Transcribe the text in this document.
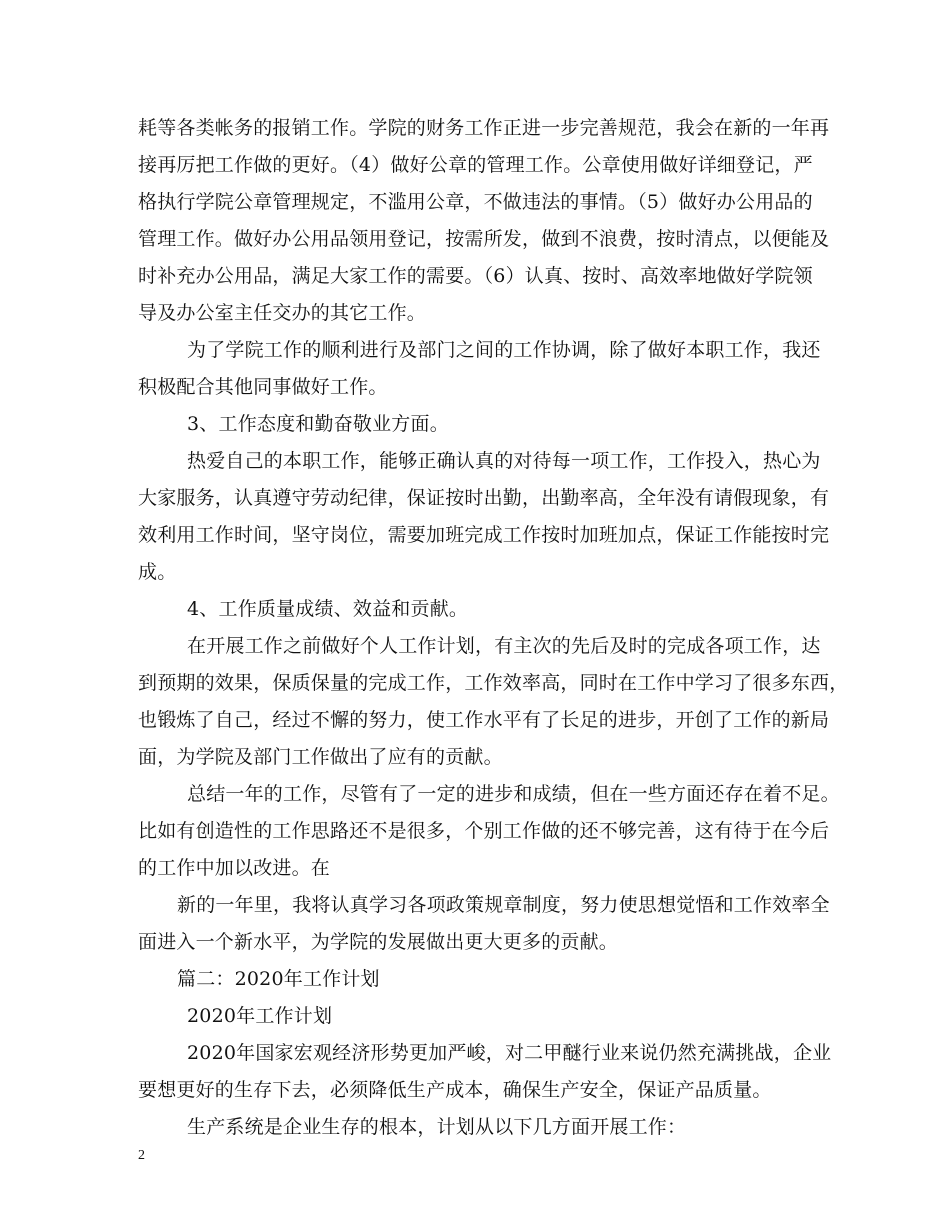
耗等各类帐务的报销工作。学院的财务工作正进一步完善规范，我会在新的一年再
接再厉把工作做的更好。（4）做好公章的管理工作。公章使用做好详细登记，严
格执行学院公章管理规定，不滥用公章，不做违法的事情。（5）做好办公用品的
管理工作。做好办公用品领用登记，按需所发，做到不浪费，按时清点，以便能及
时补充办公用品，满足大家工作的需要。（6）认真、按时、高效率地做好学院领
导及办公室主任交办的其它工作。
为了学院工作的顺利进行及部门之间的工作协调，除了做好本职工作，我还
积极配合其他同事做好工作。
3、工作态度和勤奋敬业方面。
热爱自己的本职工作，能够正确认真的对待每一项工作，工作投入，热心为
大家服务，认真遵守劳动纪律，保证按时出勤，出勤率高，全年没有请假现象，有
效利用工作时间，坚守岗位，需要加班完成工作按时加班加点，保证工作能按时完
成。
4、工作质量成绩、效益和贡献。
在开展工作之前做好个人工作计划，有主次的先后及时的完成各项工作，达
到预期的效果，保质保量的完成工作，工作效率高，同时在工作中学习了很多东西，
也锻炼了自己，经过不懈的努力，使工作水平有了长足的进步，开创了工作的新局
面，为学院及部门工作做出了应有的贡献。
总结一年的工作，尽管有了一定的进步和成绩，但在一些方面还存在着不足。
比如有创造性的工作思路还不是很多，个别工作做的还不够完善，这有待于在今后
的工作中加以改进。在
新的一年里，我将认真学习各项政策规章制度，努力使思想觉悟和工作效率全
面进入一个新水平，为学院的发展做出更大更多的贡献。
篇二：2020年工作计划
2020年工作计划
2020年国家宏观经济形势更加严峻，对二甲醚行业来说仍然充满挑战，企业
要想更好的生存下去，必须降低生产成本，确保生产安全，保证产品质量。
生产系统是企业生存的根本，计划从以下几方面开展工作：
2
